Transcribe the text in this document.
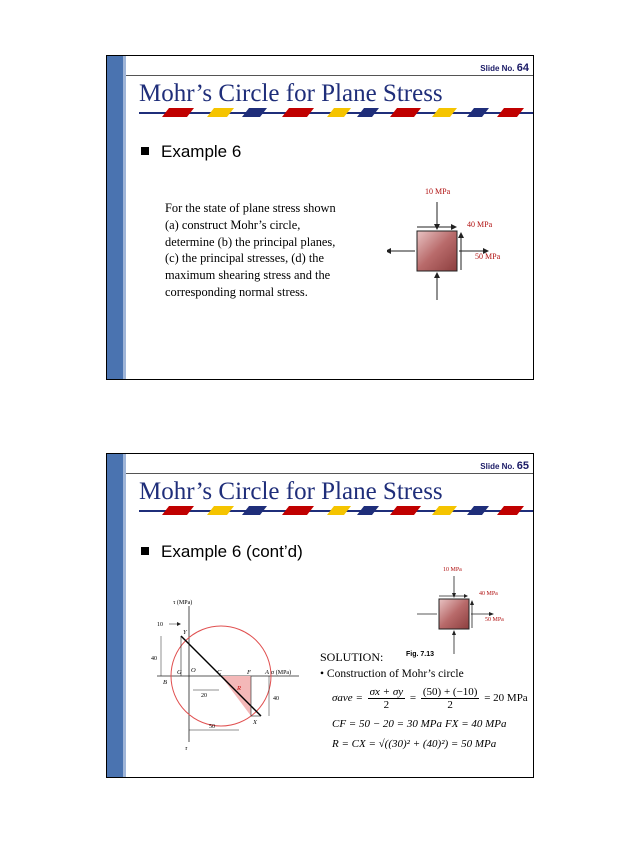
Slide No. 64
Mohr’s Circle for Plane Stress
Example 6
For the state of plane stress shown
(a) construct Mohr’s circle,
determine (b) the principal planes,
(c) the principal stresses, (d) the
maximum shearing stress and the
corresponding normal stress.
10 MPa
40 MPa
50 MPa
Slide No. 65
Mohr’s Circle for Plane Stress
Example 6 (cont’d)
10 MPa
40 MPa
50 MPa
τ (MPa)
σ (MPa)
10
40
20	40
50
Y
G	C	F A
B
O
R
X
τ
SOLUTION:	Fig. 7.13
• Construction of Mohr’s circle
$\sigma ave = \frac{\sigma x + \sigma y}{2} = \frac{(50) + (-10)}{2} = 20$ MPa
CF = 50 − 20 = 30 MPa FX = 40 MPa
R = CX = √((30)² + (40)²) = 50 MPa
